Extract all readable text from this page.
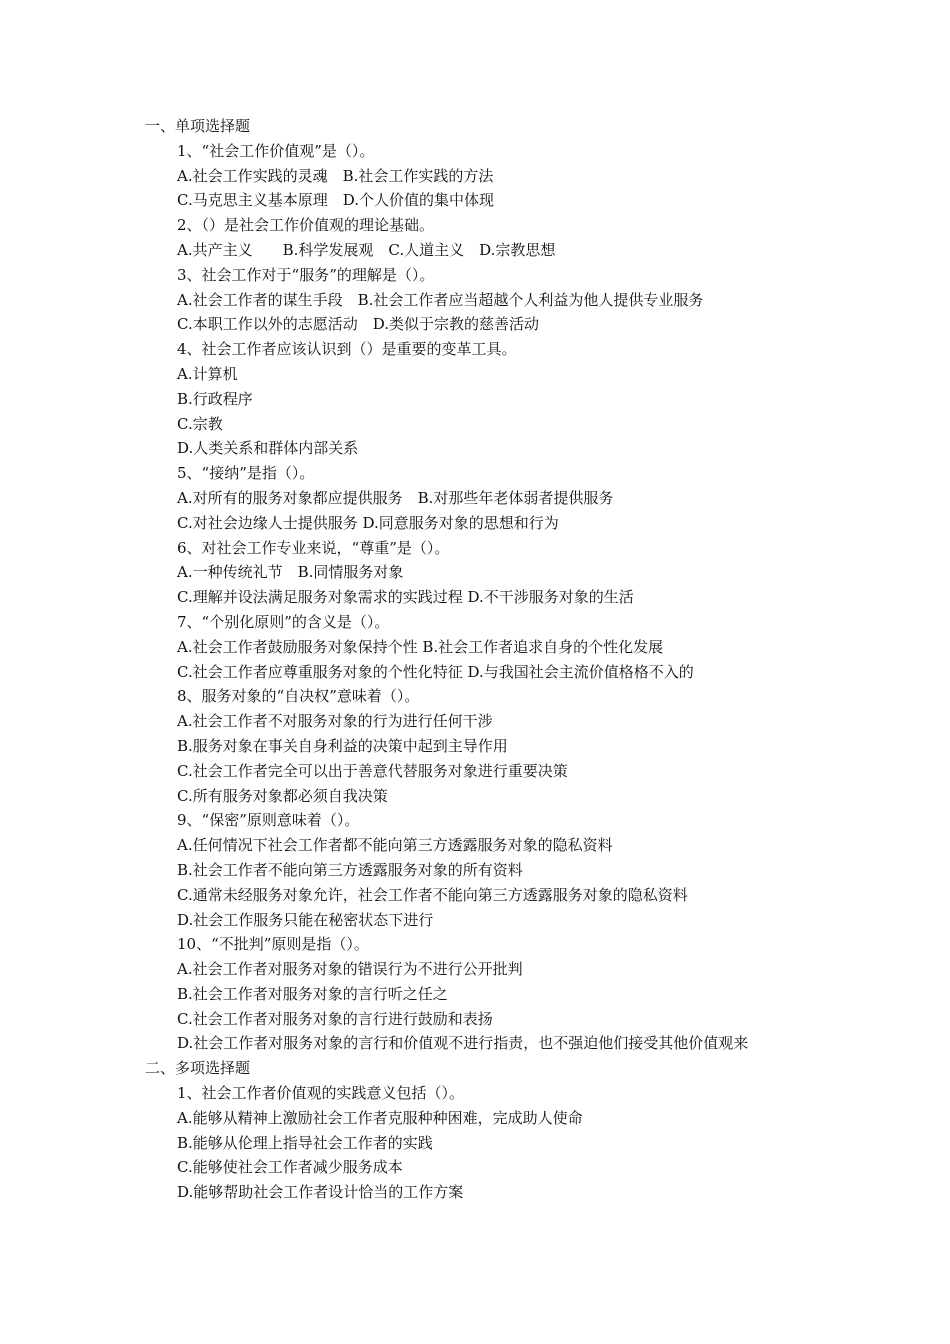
一、单项选择题
1、“社会工作价值观”是（）。
A.社会工作实践的灵魂　B.社会工作实践的方法
C.马克思主义基本原理　D.个人价值的集中体现
2、（）是社会工作价值观的理论基础。
A.共产主义　　B.科学发展观　C.人道主义　D.宗教思想
3、社会工作对于“服务”的理解是（）。
A.社会工作者的谋生手段　B.社会工作者应当超越个人利益为他人提供专业服务
C.本职工作以外的志愿活动　D.类似于宗教的慈善活动
4、社会工作者应该认识到（）是重要的变革工具。
A.计算机
B.行政程序
C.宗教
D.人类关系和群体内部关系
5、“接纳”是指（）。
A.对所有的服务对象都应提供服务　B.对那些年老体弱者提供服务
C.对社会边缘人士提供服务 D.同意服务对象的思想和行为
6、对社会工作专业来说，“尊重”是（）。
A.一种传统礼节　B.同情服务对象
C.理解并设法满足服务对象需求的实践过程 D.不干涉服务对象的生活
7、“个别化原则”的含义是（）。
A.社会工作者鼓励服务对象保持个性 B.社会工作者追求自身的个性化发展
C.社会工作者应尊重服务对象的个性化特征 D.与我国社会主流价值格格不入的
8、服务对象的“自决权”意味着（）。
A.社会工作者不对服务对象的行为进行任何干涉
B.服务对象在事关自身利益的决策中起到主导作用
C.社会工作者完全可以出于善意代替服务对象进行重要决策
C.所有服务对象都必须自我决策
9、“保密”原则意味着（）。
A.任何情况下社会工作者都不能向第三方透露服务对象的隐私资料
B.社会工作者不能向第三方透露服务对象的所有资料
C.通常未经服务对象允许，社会工作者不能向第三方透露服务对象的隐私资料
D.社会工作服务只能在秘密状态下进行
10、“不批判”原则是指（）。
A.社会工作者对服务对象的错误行为不进行公开批判
B.社会工作者对服务对象的言行听之任之
C.社会工作者对服务对象的言行进行鼓励和表扬
D.社会工作者对服务对象的言行和价值观不进行指责，也不强迫他们接受其他价值观来
二、多项选择题
1、社会工作者价值观的实践意义包括（）。
A.能够从精神上激励社会工作者克服种种困难，完成助人使命
B.能够从伦理上指导社会工作者的实践
C.能够使社会工作者减少服务成本
D.能够帮助社会工作者设计恰当的工作方案
